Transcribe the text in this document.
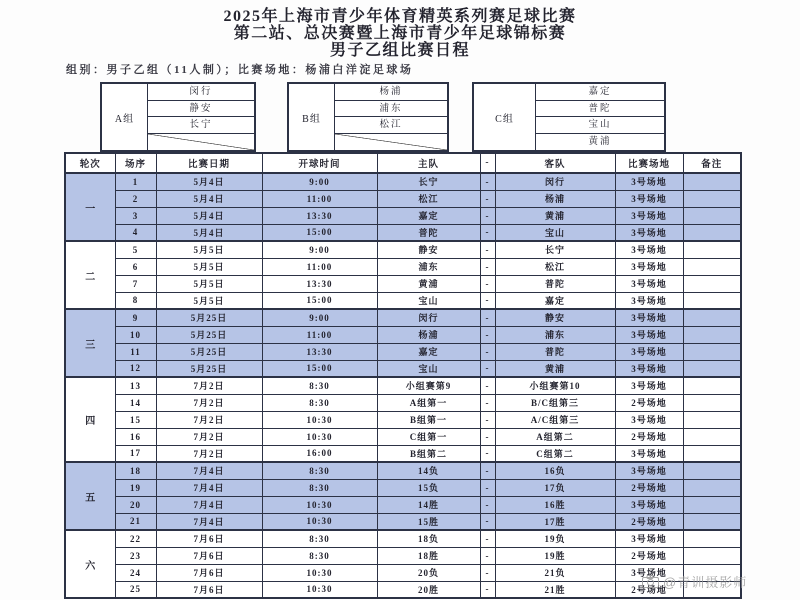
2025年上海市青少年体育精英系列赛足球比赛
第二站、总决赛暨上海市青少年足球锦标赛
男子乙组比赛日程
组别：男子乙组（11人制）；比赛场地：杨浦白洋淀足球场
A组
闵行
静安
长宁
B组
杨浦
浦东
松江
C组
嘉定
普陀
宝山
黄浦
轮次	场序	比赛日期	开球时间	主队	-	客队	比赛场地	备注
一	1	5月4日	9:00	长宁	-	闵行	3号场地	
	2	5月4日	11:00	松江	-	杨浦	3号场地	
	3	5月4日	13:30	嘉定	-	黄浦	3号场地	
	4	5月4日	15:00	普陀	-	宝山	3号场地	
二	5	5月5日	9:00	静安	-	长宁	3号场地	
	6	5月5日	11:00	浦东	-	松江	3号场地	
	7	5月5日	13:30	黄浦	-	普陀	3号场地	
	8	5月5日	15:00	宝山	-	嘉定	3号场地	
三	9	5月25日	9:00	闵行	-	静安	3号场地	
	10	5月25日	11:00	杨浦	-	浦东	3号场地	
	11	5月25日	13:30	嘉定	-	普陀	3号场地	
	12	5月25日	15:00	宝山	-	黄浦	3号场地	
四	13	7月2日	8:30	小组赛第9	-	小组赛第10	3号场地	
	14	7月2日	8:30	A组第一	-	B/C组第三	2号场地	
	15	7月2日	10:30	B组第一	-	A/C组第三	3号场地	
	16	7月2日	10:30	C组第一	-	A组第二	2号场地	
	17	7月2日	16:00	B组第二	-	C组第二	3号场地	
五	18	7月4日	8:30	14负	-	16负	3号场地	
	19	7月4日	8:30	15负	-	17负	2号场地	
	20	7月4日	10:30	14胜	-	16胜	3号场地	
	21	7月4日	10:30	15胜	-	17胜	2号场地	
六	22	7月6日	8:30	18负	-	19负	3号场地	
	23	7月6日	8:30	18胜	-	19胜	2号场地	
	24	7月6日	10:30	20负	-	21负	3号场地	
	25	7月6日	10:30	20胜	-	21胜	2号场地	
@青训摄影师
